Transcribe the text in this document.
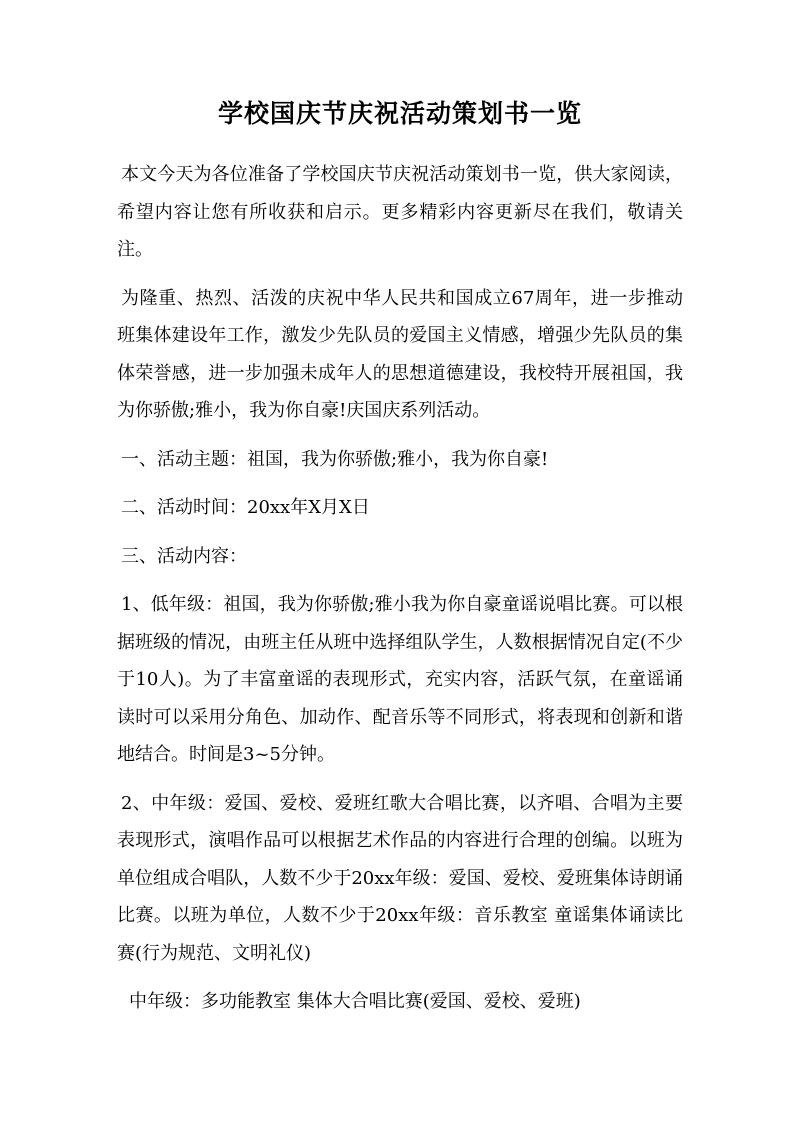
学校国庆节庆祝活动策划书一览

本文今天为各位准备了学校国庆节庆祝活动策划书一览，供大家阅读，希望内容让您有所收获和启示。更多精彩内容更新尽在我们，敬请关注。

为隆重、热烈、活泼的庆祝中华人民共和国成立67周年，进一步推动班集体建设年工作，激发少先队员的爱国主义情感，增强少先队员的集体荣誉感，进一步加强未成年人的思想道德建设，我校特开展祖国，我为你骄傲;雅小，我为你自豪!庆国庆系列活动。

一、活动主题：祖国，我为你骄傲;雅小，我为你自豪!

二、活动时间：20xx年X月X日

三、活动内容：

1、低年级：祖国，我为你骄傲;雅小我为你自豪童谣说唱比赛。可以根据班级的情况，由班主任从班中选择组队学生，人数根据情况自定(不少于10人)。为了丰富童谣的表现形式，充实内容，活跃气氛，在童谣诵读时可以采用分角色、加动作、配音乐等不同形式，将表现和创新和谐地结合。时间是3~5分钟。

2、中年级：爱国、爱校、爱班红歌大合唱比赛，以齐唱、合唱为主要表现形式，演唱作品可以根据艺术作品的内容进行合理的创编。以班为单位组成合唱队，人数不少于20xx年级：爱国、爱校、爱班集体诗朗诵比赛。以班为单位，人数不少于20xx年级：音乐教室 童谣集体诵读比赛(行为规范、文明礼仪)

中年级：多功能教室 集体大合唱比赛(爱国、爱校、爱班)
